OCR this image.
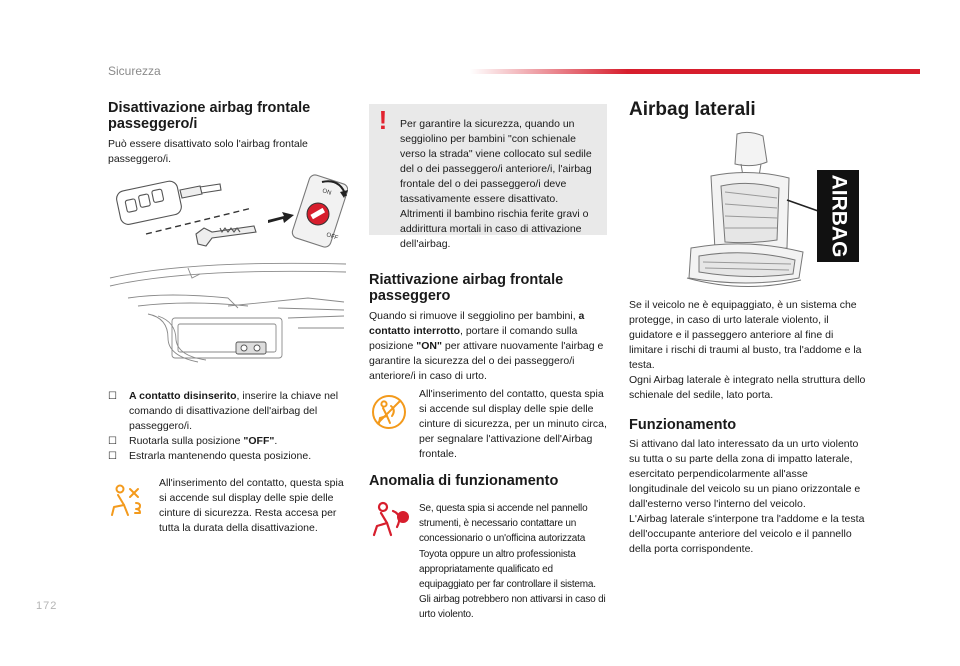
Sicurezza
172
Disattivazione airbag frontale passeggero/i

Può essere disattivato solo l'airbag frontale passeggero/i.

ON
OFF
☐ A contatto disinserito, inserire la chiave nel comando di disattivazione dell'airbag del passeggero/i.
☐ Ruotarla sulla posizione "OFF".
☐ Estrarla mantenendo questa posizione.

All'inserimento del contatto, questa spia si accende sul display delle spie delle cinture di sicurezza. Resta accesa per tutta la durata della disattivazione.

!	Per garantire la sicurezza, quando un seggiolino per bambini "con schienale verso la strada" viene collocato sul sedile del o dei passeggero/i anteriore/i, l'airbag frontale del o dei passeggero/i deve tassativamente essere disattivato. Altrimenti il bambino rischia ferite gravi o addirittura mortali in caso di attivazione dell'airbag.

Riattivazione airbag frontale passeggero

Quando si rimuove il seggiolino per bambini, a contatto interrotto, portare il comando sulla posizione "ON" per attivare nuovamente l'airbag e garantire la sicurezza del o dei passeggero/i anteriore/i in caso di urto.

All'inserimento del contatto, questa spia si accende sul display delle spie delle cinture di sicurezza, per un minuto circa, per segnalare l'attivazione dell'Airbag frontale.

Anomalia di funzionamento

Se, questa spia si accende nel pannello strumenti, è necessario contattare un concessionario o un'officina autorizzata Toyota oppure un altro professionista appropriatamente qualificato ed equipaggiato per far controllare il sistema. Gli airbag potrebbero non attivarsi in caso di urto violento.

Airbag laterali
AIRBAG

Se il veicolo ne è equipaggiato, è un sistema che protegge, in caso di urto laterale violento, il guidatore e il passeggero anteriore al fine di limitare i rischi di traumi al busto, tra l'addome e la testa.
Ogni Airbag laterale è integrato nella struttura dello schienale del sedile, lato porta.

Funzionamento

Si attivano dal lato interessato da un urto violento su tutta o su parte della zona di impatto laterale, esercitato perpendicolarmente all'asse longitudinale del veicolo su un piano orizzontale e dall'esterno verso l'interno del veicolo.
L'Airbag laterale s'interpone tra l'addome e la testa dell'occupante anteriore del veicolo e il pannello della porta corrispondente.
